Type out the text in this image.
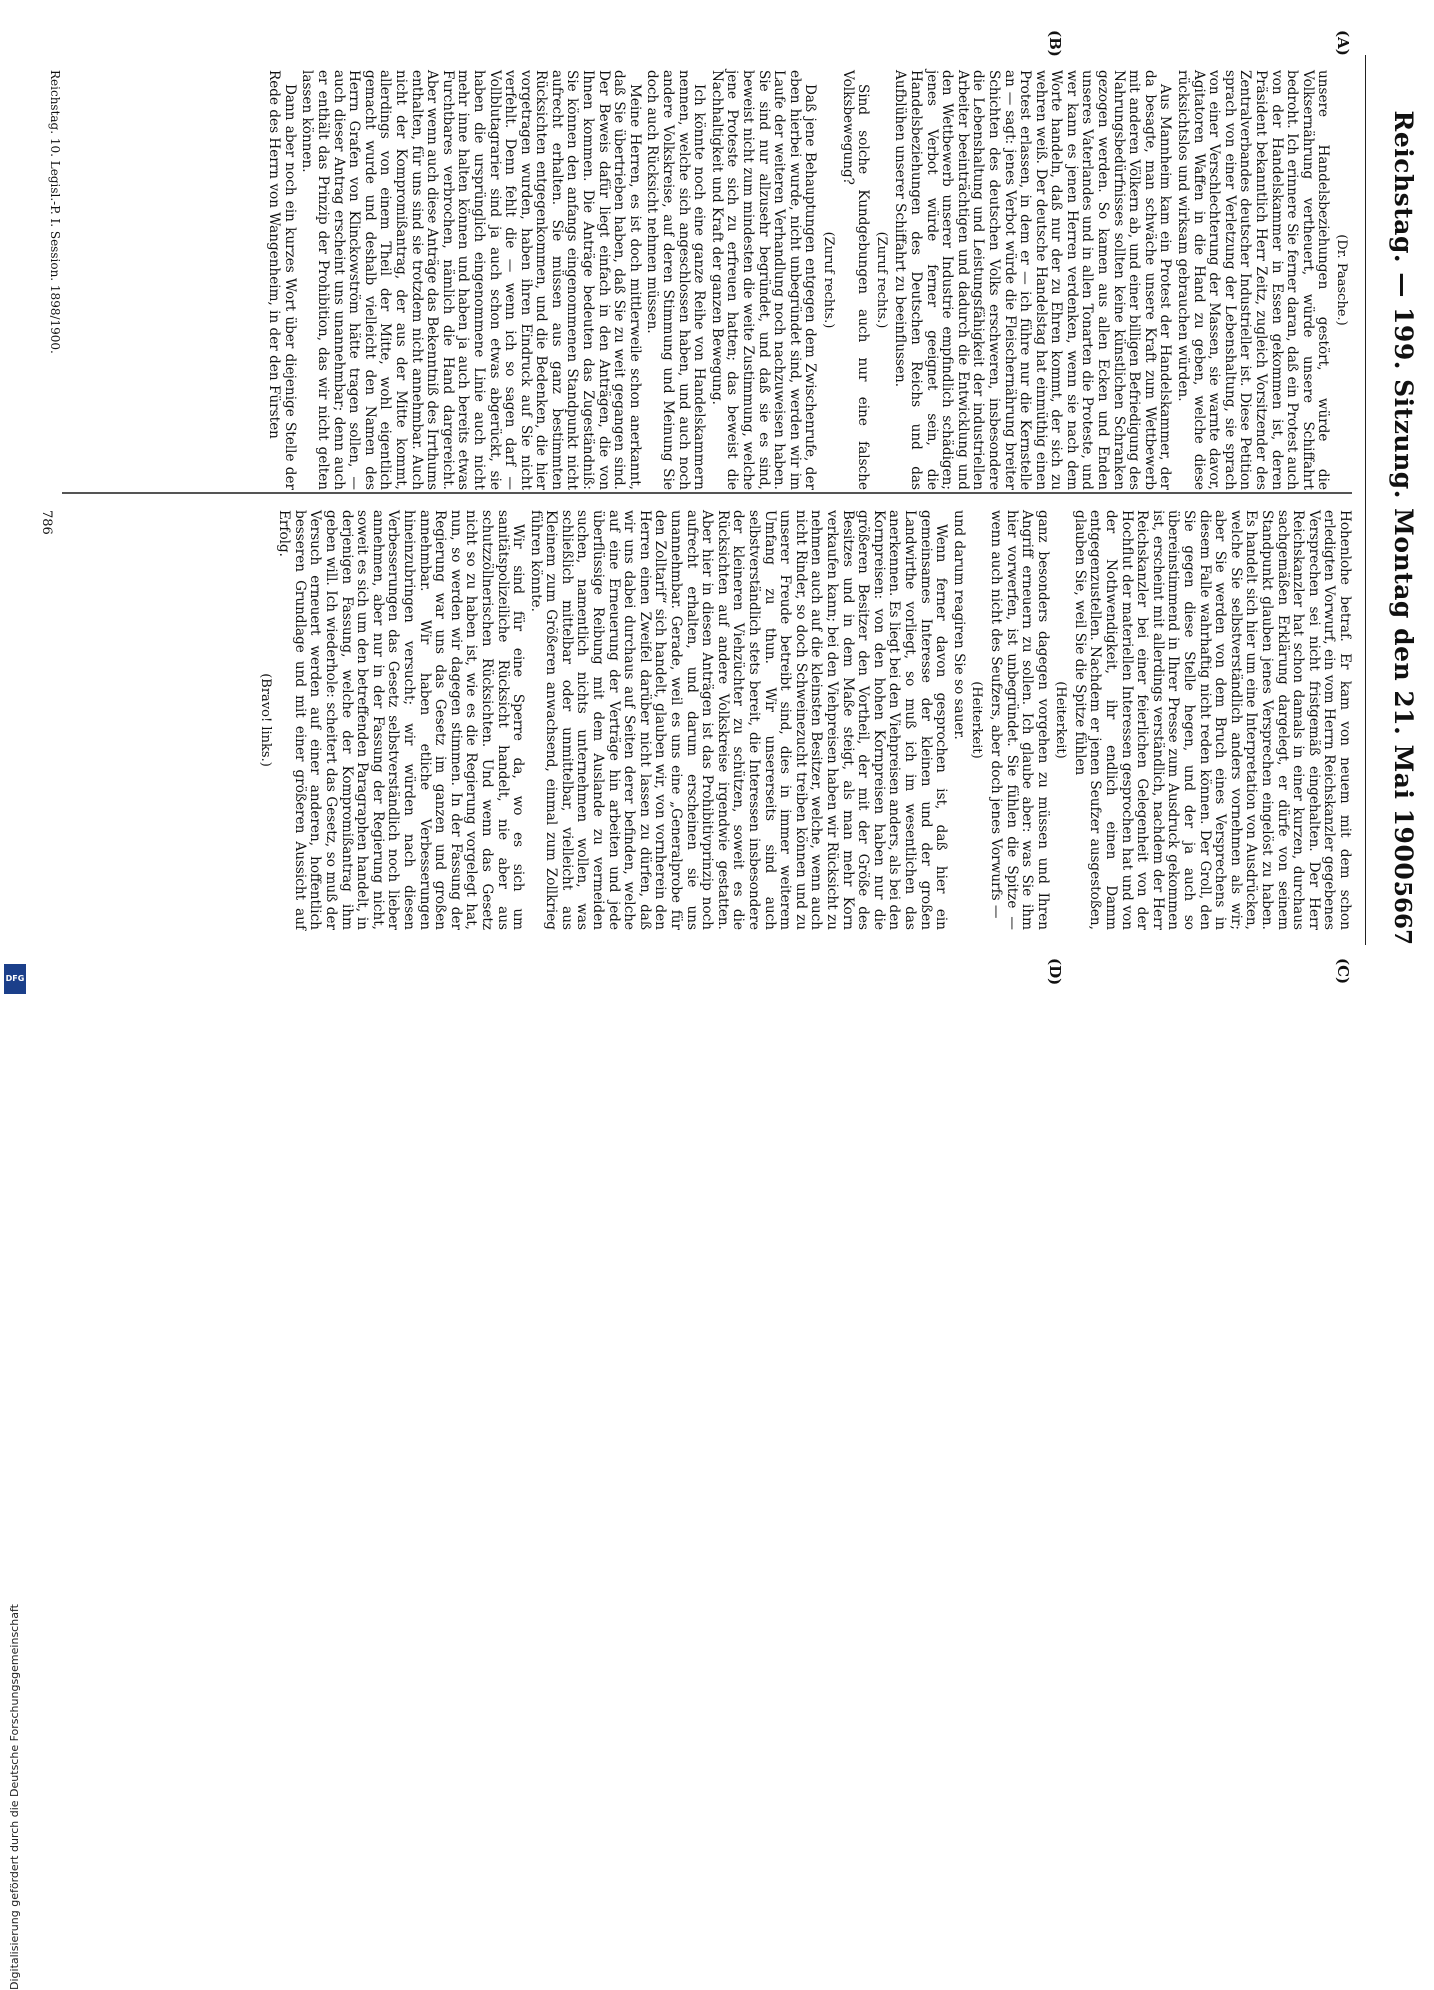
Reichstag. — 199. Sitzung. Montag den 21. Mai 1900.
5667
(A)
(B)
(C)
(D)

(Dr. Paasche.)

unsere Handelsbeziehungen gestört, würde die Volksernährung vertheuert, würde unsere Schiffahrt bedroht. Ich erinnere Sie ferner daran, daß ein Protest auch von der Handelskammer in Essen gekommen ist, deren Präsident bekanntlich Herr Zeitz, zugleich Vorsitzender des Zentralverbandes deutscher Industrieller ist. Diese Petition sprach von einer Verletzung der Lebenshaltung, sie sprach von einer Verschlechterung der Massen, sie warnte davor, Agitatoren Waffen in die Hand zu geben, welche diese rücksichtslos und wirksam gebrauchen würden.

Aus Mannheim kam ein Protest der Handelskammer, der da besagte, man schwäche unsere Kraft zum Wettbewerb mit anderen Völkern ab, und einer billigen Befriedigung des Nahrungsbedürfnisses sollten keine künstlichen Schranken gezogen werden. So kamen aus allen Ecken und Enden unseres Vaterlandes und in allen Tonarten die Proteste, und wer kann es jenen Herren verdenken, wenn sie nach dem Worte handeln, daß nur der zu Ehren kommt, der sich zu wehren weiß. Der deutsche Handelstag hat einmüthig einen Protest erlassen, in dem er — ich führe nur die Kernstelle an — sagt: jenes Verbot würde die Fleischernährung breiter Schichten des deutschen Volks erschweren, insbesondere die Lebenshaltung und Leistungsfähigkeit der industriellen Arbeiter beeinträchtigen und dadurch die Entwicklung und den Wettbewerb unserer Industrie empfindlich schädigen; jenes Verbot würde ferner geeignet sein, die Handelsbeziehungen des Deutschen Reichs und das Aufblühen unserer Schiffahrt zu beeinflussen.

(Zuruf rechts.)

Sind solche Kundgebungen auch nur eine falsche Volksbewegung?

(Zuruf rechts.)

Daß jene Behauptungen entgegen dem Zwischenrufe, der eben hierbei wurde, nicht unbegründet sind, werden wir im Laufe der weiteren Verhandlung noch nachzuweisen haben. Sie sind nur allzusehr begründet, und daß sie es sind, beweist nicht zum mindesten die weite Zustimmung, welche jene Proteste sich zu erfreuen hatten; das beweist die Nachhaltigkeit und Kraft der ganzen Bewegung.

Ich könnte noch eine ganze Reihe von Handelskammern nennen, welche sich angeschlossen haben, und auch noch andere Volkskreise, auf deren Stimmung und Meinung Sie doch auch Rücksicht nehmen müssen.

Meine Herren, es ist doch mittlerweile schon anerkannt, daß Sie übertrieben haben, daß Sie zu weit gegangen sind. Der Beweis dafür liegt einfach in den Anträgen, die von Ihnen kommen. Die Anträge bedeuten das Zugeständniß: Sie können den anfangs eingenommenen Standpunkt nicht aufrecht erhalten. Sie müssen aus ganz bestimmten Rücksichten entgegenkommen, und die Bedenken, die hier vorgetragen wurden, haben ihren Eindruck auf Sie nicht verfehlt. Denn fehlt die — wenn ich so sagen darf — Vollblutagrarier sind ja auch schon etwas abgerückt, sie haben die ursprünglich eingenommene Linie auch nicht mehr inne halten können und haben ja auch bereits etwas Furchtbares verbrochen, nämlich die Hand dargereicht. Aber wenn auch diese Anträge das Bekenntniß des Irrthums enthalten, für uns sind sie trotzdem nicht annehmbar. Auch nicht der Kompromißantrag, der aus der Mitte kommt, allerdings von einem Theil der Mitte, wohl eigentlich gemacht wurde und deshalb vielleicht den Namen des Herrn Grafen von Klinckowström hätte tragen sollen, — auch dieser Antrag erscheint uns unannehmbar; denn auch er enthält das Prinzip der Prohibition, das wir nicht gelten lassen können.

Dann aber noch ein kurzes Wort über diejenige Stelle der Rede des Herrn von Wangenheim, in der den Fürsten

Hohenlohe betraf. Er kam von neuem mit dem schon erledigten Vorwurf, ein vom Herrn Reichskanzler gegebenes Versprechen sei nicht fristgemäß eingehalten. Der Herr Reichskanzler hat schon damals in einer kurzen, durchaus sachgemäßen Erklärung dargelegt, er dürfe von seinem Standpunkt glauben jenes Versprechen eingelöst zu haben. Es handelt sich hier um eine Interpretation von Ausdrücken, welche Sie selbstverständlich anders vornehmen als wir; aber Sie werden von dem Bruch eines Versprechens in diesem Falle wahrhaftig nicht reden können. Der Groll, den Sie gegen diese Stelle hegen, und der ja auch so übereinstimmend in Ihrer Presse zum Ausdruck gekommen ist, erscheint mit allerdings verständlich, nachdem der Herr Reichskanzler bei einer feierlichen Gelegenheit von der Hochflut der materiellen Interessen gesprochen hat und von der Nothwendigkeit, ihr endlich einen Damm entgegenzustellen. Nachdem er jenen Seufzer ausgestoßen, glauben Sie, weil Sie die Spitze fühlen

(Heiterkeit)

ganz besonders dagegen vorgehen zu müssen und Ihren Angriff erneuern zu sollen. Ich glaube aber: was Sie ihm hier vorwerfen, ist unbegründet. Sie fühlen die Spitze — wenn auch nicht des Seufzers, aber doch jenes Vorwurfs —

(Heiterkeit)

und darum reagiren Sie so sauer.

Wenn ferner davon gesprochen ist, daß hier ein gemeinsames Interesse der kleinen und der großen Landwirthe vorliegt, so muß ich im wesentlichen das anerkennen. Es liegt bei den Viehpreisen anders, als bei den Kornpreisen: von den hohen Kornpreisen haben nur die größeren Besitzer den Vortheil, der mit der Größe des Besitzes und in dem Maße steigt, als man mehr Korn verkaufen kann; bei den Viehpreisen haben wir Rücksicht zu nehmen auch auf die kleinsten Besitzer, welche, wenn auch nicht Rinder, so doch Schweinezucht treiben können und zu unserer Freude betreibt sind, dies in immer weiterem Umfang zu thun. Wir unsererseits sind auch selbstverständlich stets bereit, die Interessen insbesondere der kleineren Viehzüchter zu schützen, soweit es die Rücksichten auf andere Volkskreise irgendwie gestatten. Aber hier in diesen Anträgen ist das Prohibitivprinzip noch aufrecht erhalten, und darum erscheinen sie uns unannehmbar. Gerade, weil es uns eine „Generalprobe für den Zolltarif“ sich handelt, glauben wir, von vornherein den Herren einen Zweifel darüber nicht lassen zu dürfen, daß wir uns dabei durchaus auf Seiten derer befinden, welche auf eine Erneuerung der Verträge hin arbeiten und jede überflüssige Reibung mit dem Auslande zu vermeiden suchen, namentlich nichts unternehmen wollen, was schließlich mittelbar oder unmittelbar, vielleicht aus Kleinem zum Größeren anwachsend, einmal zum Zollkrieg führen könnte.

Wir sind für eine Sperre da, wo es sich um sanitätspolizeiliche Rücksicht handelt, nie aber aus schutzzöllnerischen Rücksichten. Und wenn das Gesetz nicht so zu haben ist, wie es die Regierung vorgelegt hat, nun, so werden wir dagegen stimmen. In der Fassung der Regierung war uns das Gesetz im ganzen und großen annehmbar. Wir haben etliche Verbesserungen hineinzubringen versucht; wir würden nach diesen Verbesserungen das Gesetz selbstverständlich noch lieber annehmen, aber nur in der Fassung der Regierung nicht, soweit es sich um den betreffenden Paragraphen handelt, in derjenigen Fassung, welche der Kompromißantrag ihm geben will. Ich wiederhole: scheitert das Gesetz, so muß der Versuch erneuert werden auf einer anderen, hoffentlich besseren Grundlage und mit einer größeren Aussicht auf Erfolg.

(Bravo! links.)

Reichstag. 10. Legisl.-P. I. Session. 1898/1900.
786
Digitalisierung gefördert durch die Deutsche Forschungsgemeinschaft
DFG
